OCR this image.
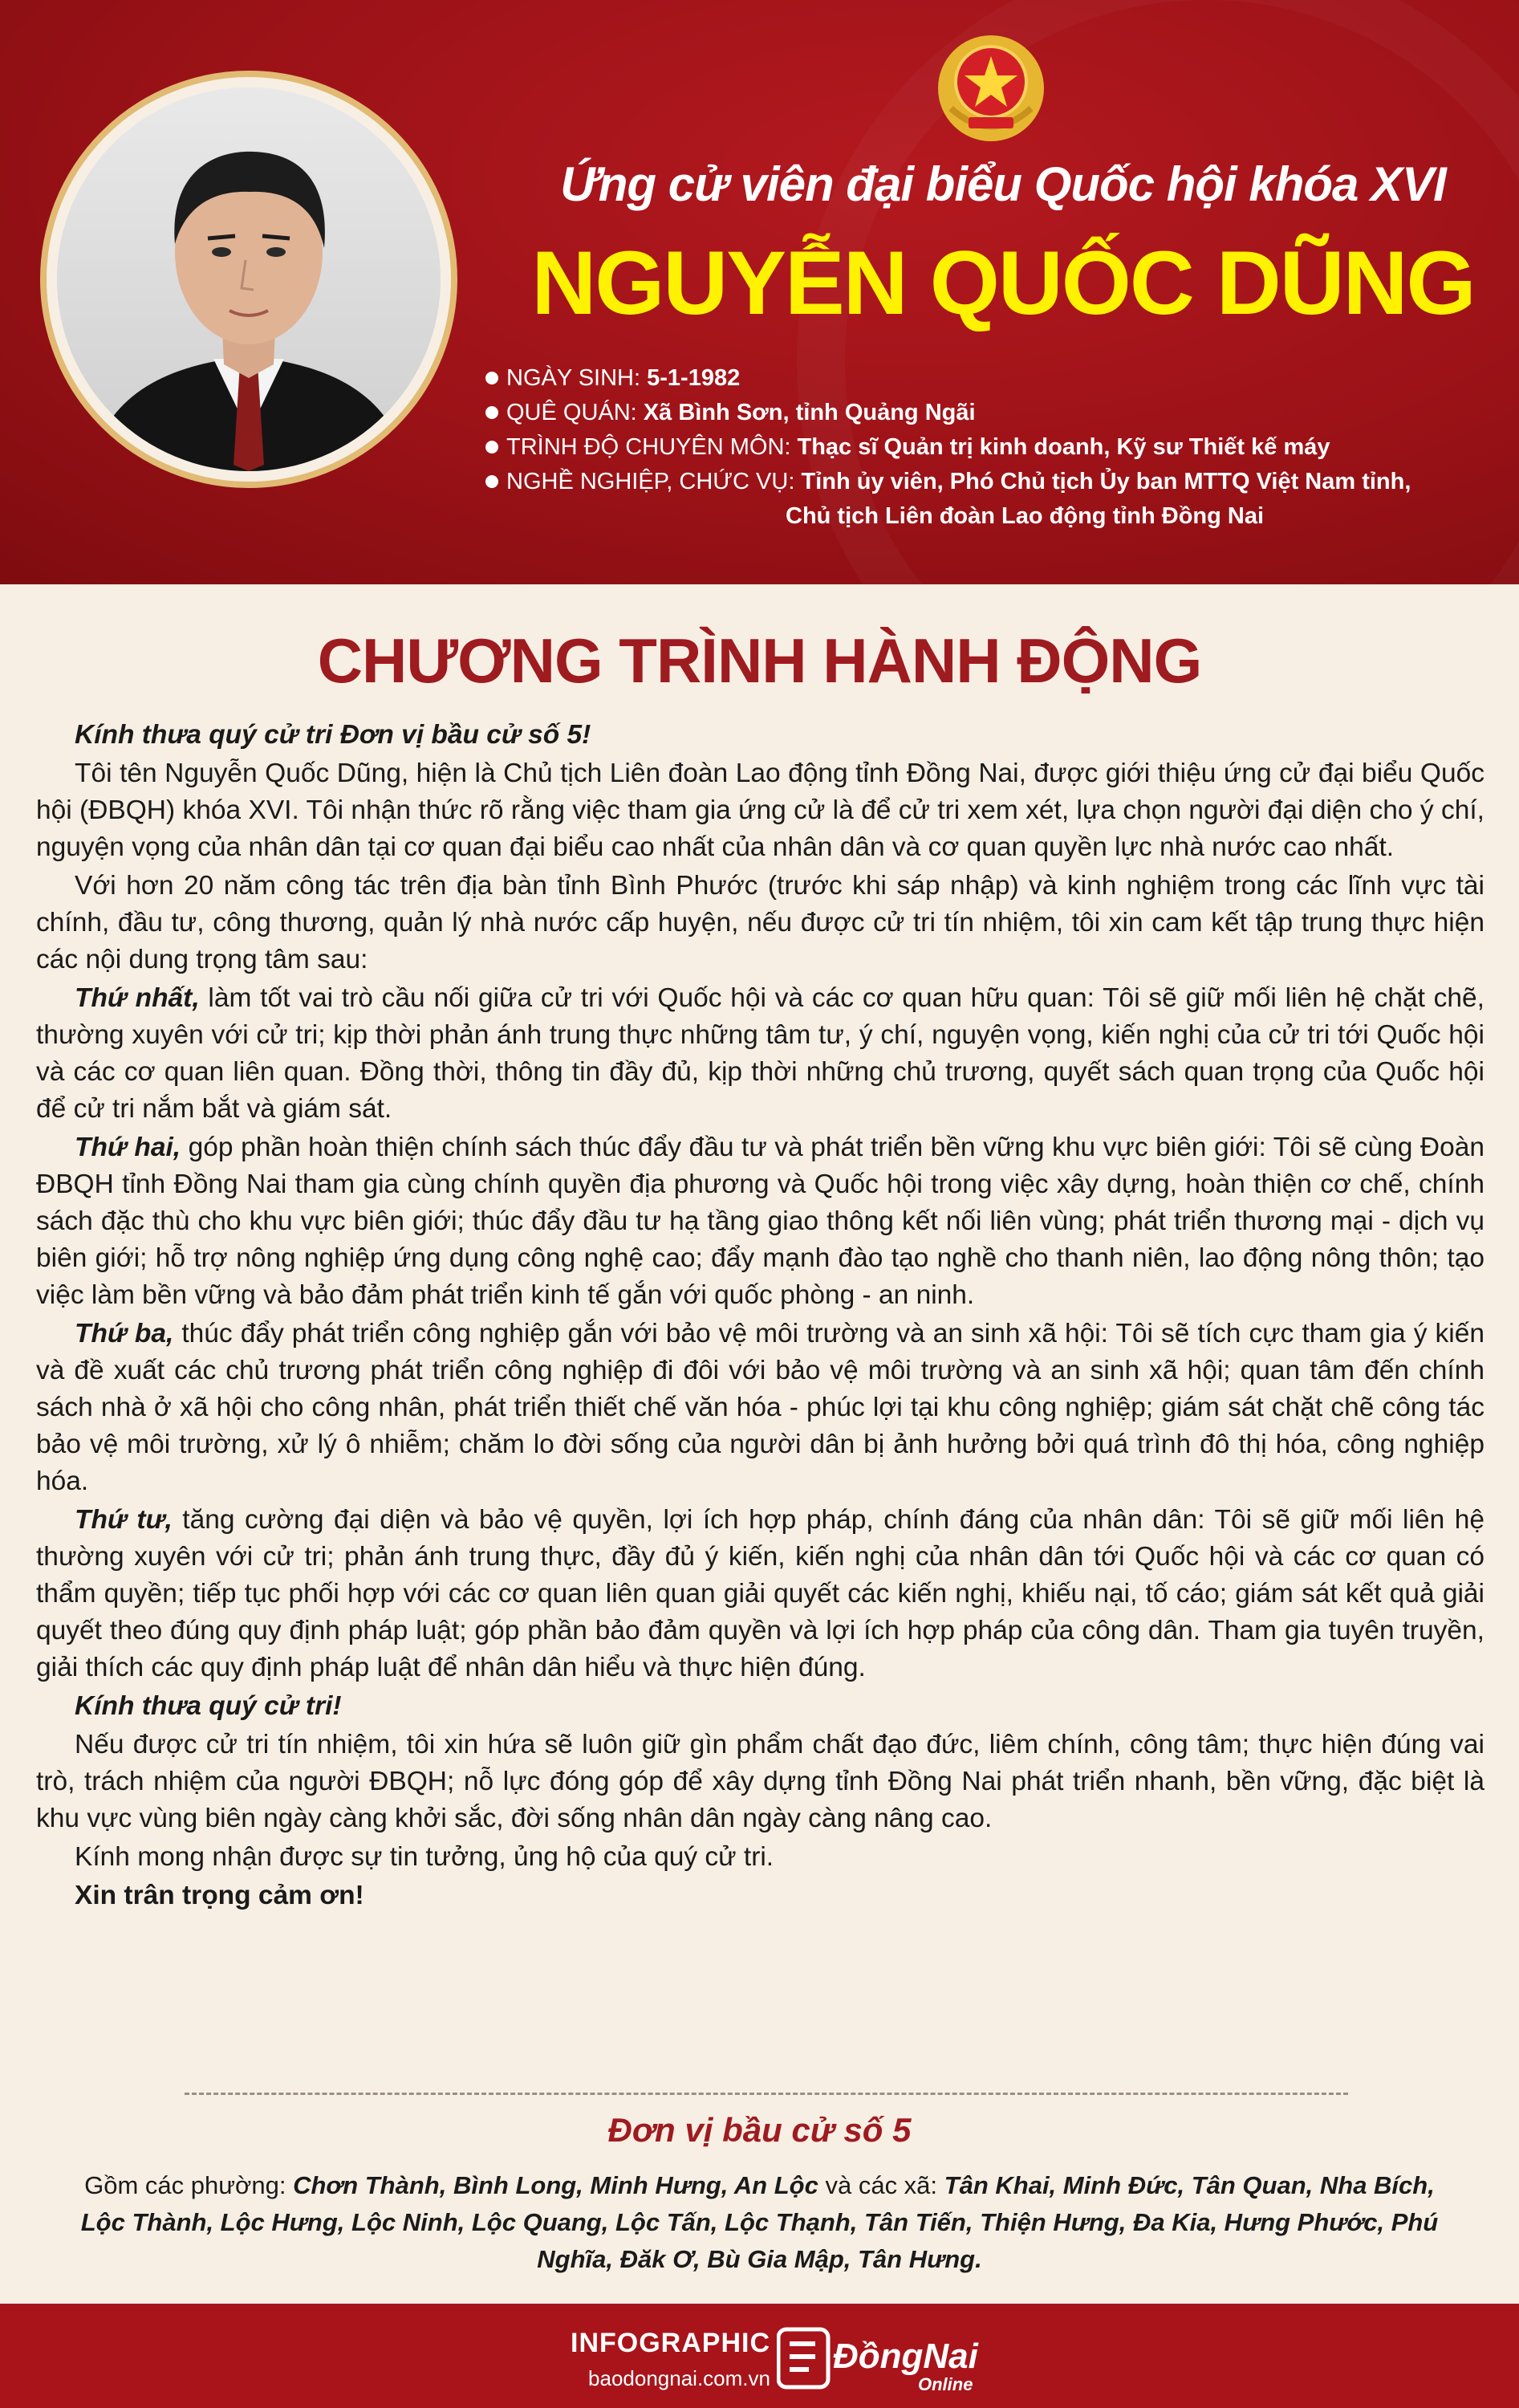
Ứng cử viên đại biểu Quốc hội khóa XVI
NGUYỄN QUỐC DŨNG
NGÀY SINH: 5-1-1982
QUÊ QUÁN: Xã Bình Sơn, tỉnh Quảng Ngãi
TRÌNH ĐỘ CHUYÊN MÔN: Thạc sĩ Quản trị kinh doanh, Kỹ sư Thiết kế máy
NGHỀ NGHIỆP, CHỨC VỤ: Tỉnh ủy viên, Phó Chủ tịch Ủy ban MTTQ Việt Nam tỉnh,
Chủ tịch Liên đoàn Lao động tỉnh Đồng Nai
CHƯƠNG TRÌNH HÀNH ĐỘNG

Kính thưa quý cử tri Đơn vị bầu cử số 5!

Tôi tên Nguyễn Quốc Dũng, hiện là Chủ tịch Liên đoàn Lao động tỉnh Đồng Nai, được giới thiệu ứng cử đại biểu Quốc hội (ĐBQH) khóa XVI. Tôi nhận thức rõ rằng việc tham gia ứng cử là để cử tri xem xét, lựa chọn người đại diện cho ý chí, nguyện vọng của nhân dân tại cơ quan đại biểu cao nhất của nhân dân và cơ quan quyền lực nhà nước cao nhất.

Với hơn 20 năm công tác trên địa bàn tỉnh Bình Phước (trước khi sáp nhập) và kinh nghiệm trong các lĩnh vực tài chính, đầu tư, công thương, quản lý nhà nước cấp huyện, nếu được cử tri tín nhiệm, tôi xin cam kết tập trung thực hiện các nội dung trọng tâm sau:

Thứ nhất, làm tốt vai trò cầu nối giữa cử tri với Quốc hội và các cơ quan hữu quan: Tôi sẽ giữ mối liên hệ chặt chẽ, thường xuyên với cử tri; kịp thời phản ánh trung thực những tâm tư, ý chí, nguyện vọng, kiến nghị của cử tri tới Quốc hội và các cơ quan liên quan. Đồng thời, thông tin đầy đủ, kịp thời những chủ trương, quyết sách quan trọng của Quốc hội để cử tri nắm bắt và giám sát.

Thứ hai, góp phần hoàn thiện chính sách thúc đẩy đầu tư và phát triển bền vững khu vực biên giới: Tôi sẽ cùng Đoàn ĐBQH tỉnh Đồng Nai tham gia cùng chính quyền địa phương và Quốc hội trong việc xây dựng, hoàn thiện cơ chế, chính sách đặc thù cho khu vực biên giới; thúc đẩy đầu tư hạ tầng giao thông kết nối liên vùng; phát triển thương mại - dịch vụ biên giới; hỗ trợ nông nghiệp ứng dụng công nghệ cao; đẩy mạnh đào tạo nghề cho thanh niên, lao động nông thôn; tạo việc làm bền vững và bảo đảm phát triển kinh tế gắn với quốc phòng - an ninh.

Thứ ba, thúc đẩy phát triển công nghiệp gắn với bảo vệ môi trường và an sinh xã hội: Tôi sẽ tích cực tham gia ý kiến và đề xuất các chủ trương phát triển công nghiệp đi đôi với bảo vệ môi trường và an sinh xã hội; quan tâm đến chính sách nhà ở xã hội cho công nhân, phát triển thiết chế văn hóa - phúc lợi tại khu công nghiệp; giám sát chặt chẽ công tác bảo vệ môi trường, xử lý ô nhiễm; chăm lo đời sống của người dân bị ảnh hưởng bởi quá trình đô thị hóa, công nghiệp hóa.

Thứ tư, tăng cường đại diện và bảo vệ quyền, lợi ích hợp pháp, chính đáng của nhân dân: Tôi sẽ giữ mối liên hệ thường xuyên với cử tri; phản ánh trung thực, đầy đủ ý kiến, kiến nghị của nhân dân tới Quốc hội và các cơ quan có thẩm quyền; tiếp tục phối hợp với các cơ quan liên quan giải quyết các kiến nghị, khiếu nại, tố cáo; giám sát kết quả giải quyết theo đúng quy định pháp luật; góp phần bảo đảm quyền và lợi ích hợp pháp của công dân. Tham gia tuyên truyền, giải thích các quy định pháp luật để nhân dân hiểu và thực hiện đúng.

Kính thưa quý cử tri!

Nếu được cử tri tín nhiệm, tôi xin hứa sẽ luôn giữ gìn phẩm chất đạo đức, liêm chính, công tâm; thực hiện đúng vai trò, trách nhiệm của người ĐBQH; nỗ lực đóng góp để xây dựng tỉnh Đồng Nai phát triển nhanh, bền vững, đặc biệt là khu vực vùng biên ngày càng khởi sắc, đời sống nhân dân ngày càng nâng cao.

Kính mong nhận được sự tin tưởng, ủng hộ của quý cử tri.

Xin trân trọng cảm ơn!

Đơn vị bầu cử số 5
Gồm các phường: Chơn Thành, Bình Long, Minh Hưng, An Lộc và các xã: Tân Khai, Minh Đức, Tân Quan, Nha Bích, Lộc Thành, Lộc Hưng, Lộc Ninh, Lộc Quang, Lộc Tấn, Lộc Thạnh, Tân Tiến, Thiện Hưng, Đa Kia, Hưng Phước, Phú Nghĩa, Đăk Ơ, Bù Gia Mập, Tân Hưng.
INFOGRAPHIC
baodongnai.com.vn
ĐồngNai
Online
